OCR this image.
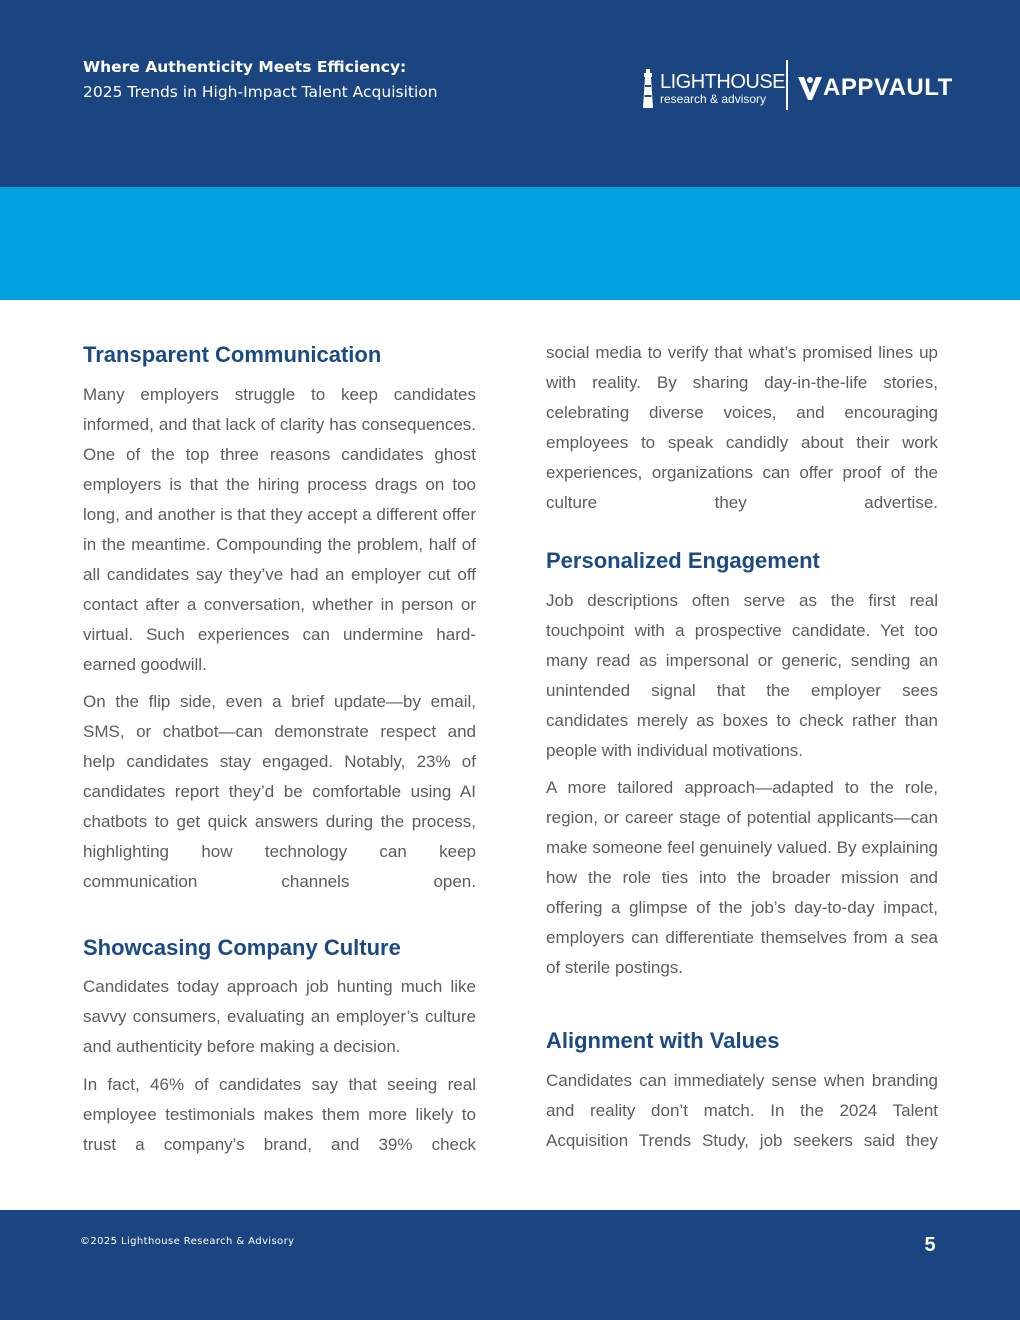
Where Authenticity Meets Efficiency:
2025 Trends in High-Impact Talent Acquisition	LIGHTHOUSE
research & advisory	APPVAULT
Transparent Communication

Many employers struggle to keep candidates informed, and that lack of clarity has consequences. One of the top three reasons candidates ghost employers is that the hiring process drags on too long, and another is that they accept a different offer in the meantime. Compounding the problem, half of all candidates say they’ve had an employer cut off contact after a conversation, whether in person or virtual. Such experiences can undermine hard-earned goodwill.

On the flip side, even a brief update—by email, SMS, or chatbot—can demonstrate respect and help candidates stay engaged. Notably, 23% of candidates report they’d be comfortable using AI chatbots to get quick answers during the process, highlighting how technology can keep communication channels open.

Showcasing Company Culture

Candidates today approach job hunting much like savvy consumers, evaluating an employer’s culture and authenticity before making a decision.

In fact, 46% of candidates say that seeing real employee testimonials makes them more likely to trust a company’s brand, and 39% check

social media to verify that what’s promised lines up with reality. By sharing day-in-the-life stories, celebrating diverse voices, and encouraging employees to speak candidly about their work experiences, organizations can offer proof of the culture they advertise.

Personalized Engagement

Job descriptions often serve as the first real touchpoint with a prospective candidate. Yet too many read as impersonal or generic, sending an unintended signal that the employer sees candidates merely as boxes to check rather than people with individual motivations.

A more tailored approach—adapted to the role, region, or career stage of potential applicants—can make someone feel genuinely valued. By explaining how the role ties into the broader mission and offering a glimpse of the job’s day-to-day impact, employers can differentiate themselves from a sea of sterile postings.

Alignment with Values

Candidates can immediately sense when branding and reality don’t match. In the 2024 Talent Acquisition Trends Study, job seekers said they

©2025 Lighthouse Research & Advisory	5
